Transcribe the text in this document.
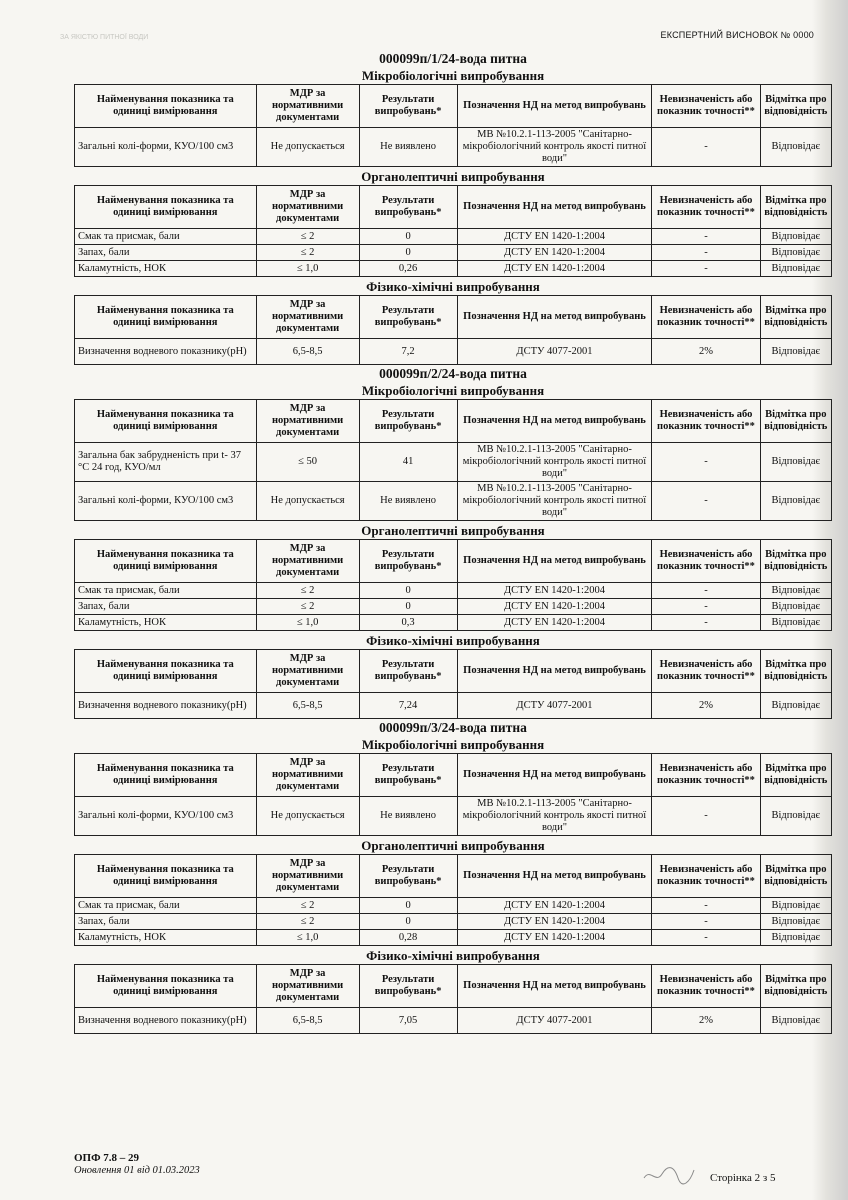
ЗА ЯКІСТЮ ПИТНОЇ ВОДИ	ЕКСПЕРТНИЙ ВИСНОВОК № 0000
000099п/1/24-вода питна
Мікробіологічні випробування
Найменування показника та одиниці вимірювання	МДР за нормативними документами	Результати випробувань*	Позначення НД на метод випробувань	Невизначеність або показник точності**	Відмітка про відповідність
Загальні колі-форми, КУО/100 см3	Не допускається	Не виявлено	МВ №10.2.1-113-2005 "Санітарно-мікробіологічний контроль якості питної води"	-	Відповідає
Органолептичні випробування
Найменування показника та одиниці вимірювання	МДР за нормативними документами	Результати випробувань*	Позначення НД на метод випробувань	Невизначеність або показник точності**	Відмітка про відповідність
Смак та присмак, бали	≤ 2	0	ДСТУ EN 1420-1:2004	-	Відповідає
Запах, бали	≤ 2	0	ДСТУ EN 1420-1:2004	-	Відповідає
Каламутність, НОК	≤ 1,0	0,26	ДСТУ EN 1420-1:2004	-	Відповідає
Фізико-хімічні випробування
Найменування показника та одиниці вимірювання	МДР за нормативними документами	Результати випробувань*	Позначення НД на метод випробувань	Невизначеність або показник точності**	Відмітка про відповідність
Визначення водневого показнику(pH)	6,5-8,5	7,2	ДСТУ 4077-2001	2%	Відповідає
000099п/2/24-вода питна
Мікробіологічні випробування
Найменування показника та одиниці вимірювання	МДР за нормативними документами	Результати випробувань*	Позначення НД на метод випробувань	Невизначеність або показник точності**	Відмітка про відповідність
Загальна бак забрудненість при t- 37 °С 24 год, КУО/мл	≤ 50	41	МВ №10.2.1-113-2005 "Санітарно-мікробіологічний контроль якості питної води"	-	Відповідає
Загальні колі-форми, КУО/100 см3	Не допускається	Не виявлено	МВ №10.2.1-113-2005 "Санітарно-мікробіологічний контроль якості питної води"	-	Відповідає
Органолептичні випробування
Найменування показника та одиниці вимірювання	МДР за нормативними документами	Результати випробувань*	Позначення НД на метод випробувань	Невизначеність або показник точності**	Відмітка про відповідність
Смак та присмак, бали	≤ 2	0	ДСТУ EN 1420-1:2004	-	Відповідає
Запах, бали	≤ 2	0	ДСТУ EN 1420-1:2004	-	Відповідає
Каламутність, НОК	≤ 1,0	0,3	ДСТУ EN 1420-1:2004	-	Відповідає
Фізико-хімічні випробування
Найменування показника та одиниці вимірювання	МДР за нормативними документами	Результати випробувань*	Позначення НД на метод випробувань	Невизначеність або показник точності**	Відмітка про відповідність
Визначення водневого показнику(pH)	6,5-8,5	7,24	ДСТУ 4077-2001	2%	Відповідає
000099п/3/24-вода питна
Мікробіологічні випробування
Найменування показника та одиниці вимірювання	МДР за нормативними документами	Результати випробувань*	Позначення НД на метод випробувань	Невизначеність або показник точності**	Відмітка про відповідність
Загальні колі-форми, КУО/100 см3	Не допускається	Не виявлено	МВ №10.2.1-113-2005 "Санітарно-мікробіологічний контроль якості питної води"	-	Відповідає
Органолептичні випробування
Найменування показника та одиниці вимірювання	МДР за нормативними документами	Результати випробувань*	Позначення НД на метод випробувань	Невизначеність або показник точності**	Відмітка про відповідність
Смак та присмак, бали	≤ 2	0	ДСТУ EN 1420-1:2004	-	Відповідає
Запах, бали	≤ 2	0	ДСТУ EN 1420-1:2004	-	Відповідає
Каламутність, НОК	≤ 1,0	0,28	ДСТУ EN 1420-1:2004	-	Відповідає
Фізико-хімічні випробування
Найменування показника та одиниці вимірювання	МДР за нормативними документами	Результати випробувань*	Позначення НД на метод випробувань	Невизначеність або показник точності**	Відмітка про відповідність
Визначення водневого показнику(pH)	6,5-8,5	7,05	ДСТУ 4077-2001	2%	Відповідає
ОПФ 7.8 – 29
Оновлення 01 від 01.03.2023
Сторінка 2 з 5
